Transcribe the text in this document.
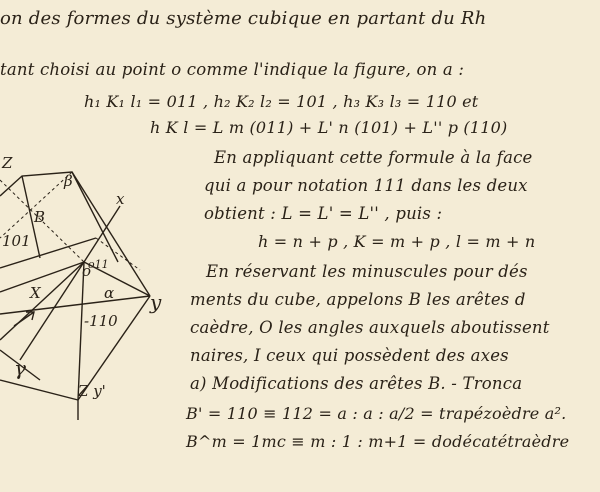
Z
β
B
101
x
o11
o
X	α y
-110
γ
Z y'
on des formes du système cubique en partant du Rh
tant choisi au point o comme l'indique la figure, on a :
h₁ K₁ l₁ = 011 , h₂ K₂ l₂ = 101 , h₃ K₃ l₃ = 110 et
h K l = L m (011) + L' n (101) + L'' p (110)
En appliquant cette formule à la face
qui a pour notation 111 dans les deux
obtient : L = L' = L'' , puis :
h = n + p , K = m + p , l = m + n
En réservant les minuscules pour dés
ments du cube, appelons B les arêtes d
caèdre, O les angles auxquels aboutissent
naires, I ceux qui possèdent des axes
a) Modifications des arêtes B. - Tronca
B' = 110 ≡ 112 = a : a : a/2 = trapézoèdre a².
B^m = 1mc ≡ m : 1 : m+1 = dodécatétraèdre
